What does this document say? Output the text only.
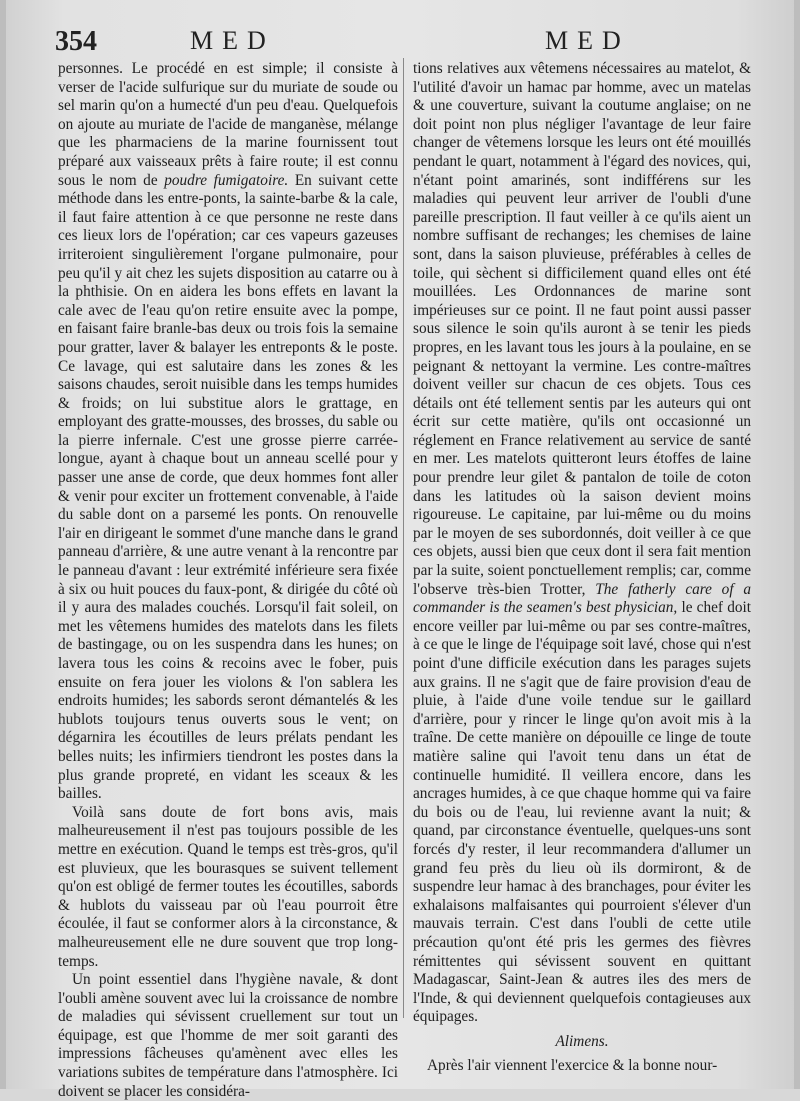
354	MED	MED

personnes. Le procédé en est simple; il consiste à verser de l'acide sulfurique sur du muriate de soude ou sel marin qu'on a humecté d'un peu d'eau. Quelquefois on ajoute au muriate de l'acide de manganèse, mélange que les pharmaciens de la marine fournissent tout préparé aux vaisseaux prêts à faire route; il est connu sous le nom de poudre fumigatoire. En suivant cette méthode dans les entre-ponts, la sainte-barbe & la cale, il faut faire attention à ce que personne ne reste dans ces lieux lors de l'opération; car ces vapeurs gazeuses irriteroient singulièrement l'organe pulmonaire, pour peu qu'il y ait chez les sujets disposition au catarre ou à la phthisie. On en aidera les bons effets en lavant la cale avec de l'eau qu'on retire ensuite avec la pompe, en faisant faire branle-bas deux ou trois fois la semaine pour gratter, laver & balayer les entreponts & le poste. Ce lavage, qui est salutaire dans les zones & les saisons chaudes, seroit nuisible dans les temps humides & froids; on lui substitue alors le grattage, en employant des gratte-mousses, des brosses, du sable ou la pierre infernale. C'est une grosse pierre carrée-longue, ayant à chaque bout un anneau scellé pour y passer une anse de corde, que deux hommes font aller & venir pour exciter un frottement convenable, à l'aide du sable dont on a parsemé les ponts. On renouvelle l'air en dirigeant le sommet d'une manche dans le grand panneau d'arrière, & une autre venant à la rencontre par le panneau d'avant : leur extrémité inférieure sera fixée à six ou huit pouces du faux-pont, & dirigée du côté où il y aura des malades couchés. Lorsqu'il fait soleil, on met les vêtemens humides des matelots dans les filets de bastingage, ou on les suspendra dans les hunes; on lavera tous les coins & recoins avec le fober, puis ensuite on fera jouer les violons & l'on sablera les endroits humides; les sabords seront démantelés & les hublots toujours tenus ouverts sous le vent; on dégarnira les écoutilles de leurs prélats pendant les belles nuits; les infirmiers tiendront les postes dans la plus grande propreté, en vidant les sceaux & les bailles.

Voilà sans doute de fort bons avis, mais malheureusement il n'est pas toujours possible de les mettre en exécution. Quand le temps est très-gros, qu'il est pluvieux, que les bourasques se suivent tellement qu'on est obligé de fermer toutes les écoutilles, sabords & hublots du vaisseau par où l'eau pourroit être écoulée, il faut se conformer alors à la circonstance, & malheureusement elle ne dure souvent que trop long-temps.

Un point essentiel dans l'hygiène navale, & dont l'oubli amène souvent avec lui la croissance de nombre de maladies qui sévissent cruellement sur tout un équipage, est que l'homme de mer soit garanti des impressions fâcheuses qu'amènent avec elles les variations subites de température dans l'atmosphère. Ici doivent se placer les considéra-

tions relatives aux vêtemens nécessaires au matelot, & l'utilité d'avoir un hamac par homme, avec un matelas & une couverture, suivant la coutume anglaise; on ne doit point non plus négliger l'avantage de leur faire changer de vêtemens lorsque les leurs ont été mouillés pendant le quart, notamment à l'égard des novices, qui, n'étant point amarinés, sont indifférens sur les maladies qui peuvent leur arriver de l'oubli d'une pareille prescription. Il faut veiller à ce qu'ils aient un nombre suffisant de rechanges; les chemises de laine sont, dans la saison pluvieuse, préférables à celles de toile, qui sèchent si difficilement quand elles ont été mouillées. Les Ordonnances de marine sont impérieuses sur ce point. Il ne faut point aussi passer sous silence le soin qu'ils auront à se tenir les pieds propres, en les lavant tous les jours à la poulaine, en se peignant & nettoyant la vermine. Les contre-maîtres doivent veiller sur chacun de ces objets. Tous ces détails ont été tellement sentis par les auteurs qui ont écrit sur cette matière, qu'ils ont occasionné un réglement en France relativement au service de santé en mer. Les matelots quitteront leurs étoffes de laine pour prendre leur gilet & pantalon de toile de coton dans les latitudes où la saison devient moins rigoureuse. Le capitaine, par lui-même ou du moins par le moyen de ses subordonnés, doit veiller à ce que ces objets, aussi bien que ceux dont il sera fait mention par la suite, soient ponctuellement remplis; car, comme l'observe très-bien Trotter, The fatherly care of a commander is the seamen's best physician, le chef doit encore veiller par lui-même ou par ses contre-maîtres, à ce que le linge de l'équipage soit lavé, chose qui n'est point d'une difficile exécution dans les parages sujets aux grains. Il ne s'agit que de faire provision d'eau de pluie, à l'aide d'une voile tendue sur le gaillard d'arrière, pour y rincer le linge qu'on avoit mis à la traîne. De cette manière on dépouille ce linge de toute matière saline qui l'avoit tenu dans un état de continuelle humidité. Il veillera encore, dans les ancrages humides, à ce que chaque homme qui va faire du bois ou de l'eau, lui revienne avant la nuit; & quand, par circonstance éventuelle, quelques-uns sont forcés d'y rester, il leur recommandera d'allumer un grand feu près du lieu où ils dormiront, & de suspendre leur hamac à des branchages, pour éviter les exhalaisons malfaisantes qui pourroient s'élever d'un mauvais terrain. C'est dans l'oubli de cette utile précaution qu'ont été pris les germes des fièvres rémittentes qui sévissent souvent en quittant Madagascar, Saint-Jean & autres iles des mers de l'Inde, & qui deviennent quelquefois contagieuses aux équipages.

Alimens.

Après l'air viennent l'exercice & la bonne nour-
